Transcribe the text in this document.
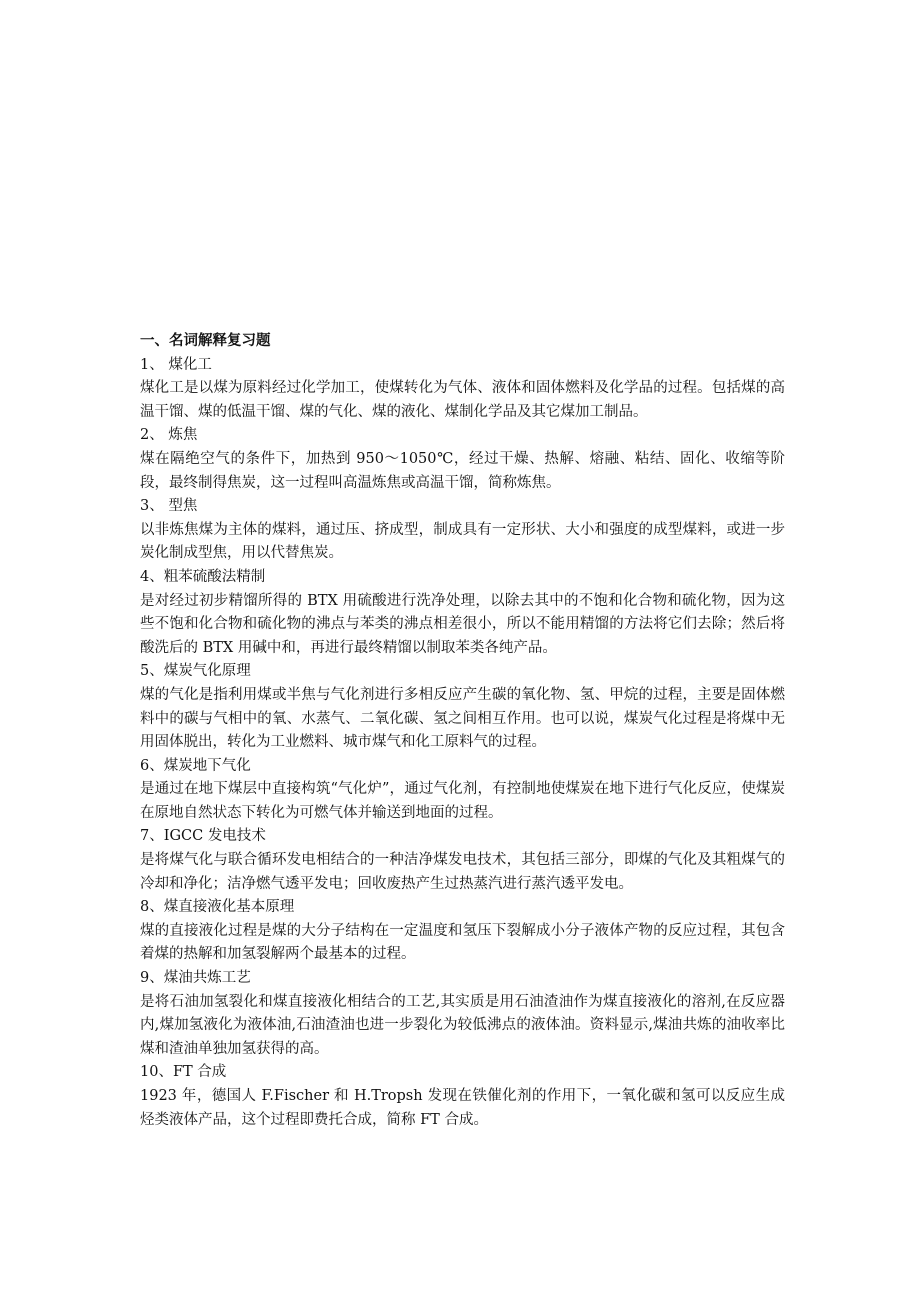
一、名词解释复习题

1、 煤化工

煤化工是以煤为原料经过化学加工，使煤转化为气体、液体和固体燃料及化学品的过程。包括煤的高温干馏、煤的低温干馏、煤的气化、煤的液化、煤制化学品及其它煤加工制品。

2、 炼焦

煤在隔绝空气的条件下，加热到 950～1050℃，经过干燥、热解、熔融、粘结、固化、收缩等阶段，最终制得焦炭，这一过程叫高温炼焦或高温干馏，简称炼焦。

3、 型焦

以非炼焦煤为主体的煤料，通过压、挤成型，制成具有一定形状、大小和强度的成型煤料，或进一步炭化制成型焦，用以代替焦炭。

4、粗苯硫酸法精制

是对经过初步精馏所得的 BTX 用硫酸进行洗净处理，以除去其中的不饱和化合物和硫化物，因为这些不饱和化合物和硫化物的沸点与苯类的沸点相差很小，所以不能用精馏的方法将它们去除；然后将酸洗后的 BTX 用碱中和，再进行最终精馏以制取苯类各纯产品。

5、煤炭气化原理

煤的气化是指利用煤或半焦与气化剂进行多相反应产生碳的氧化物、氢、甲烷的过程，主要是固体燃料中的碳与气相中的氧、水蒸气、二氧化碳、氢之间相互作用。也可以说，煤炭气化过程是将煤中无用固体脱出，转化为工业燃料、城市煤气和化工原料气的过程。

6、煤炭地下气化

是通过在地下煤层中直接构筑“气化炉”，通过气化剂，有控制地使煤炭在地下进行气化反应，使煤炭在原地自然状态下转化为可燃气体并输送到地面的过程。

7、IGCC 发电技术

是将煤气化与联合循环发电相结合的一种洁净煤发电技术，其包括三部分，即煤的气化及其粗煤气的冷却和净化；洁净燃气透平发电；回收废热产生过热蒸汽进行蒸汽透平发电。

8、煤直接液化基本原理

煤的直接液化过程是煤的大分子结构在一定温度和氢压下裂解成小分子液体产物的反应过程，其包含着煤的热解和加氢裂解两个最基本的过程。

9、煤油共炼工艺

是将石油加氢裂化和煤直接液化相结合的工艺,其实质是用石油渣油作为煤直接液化的溶剂,在反应器内,煤加氢液化为液体油,石油渣油也进一步裂化为较低沸点的液体油。资料显示,煤油共炼的油收率比煤和渣油单独加氢获得的高。

10、FT 合成

1923 年，德国人 F.Fischer 和 H.Tropsh 发现在铁催化剂的作用下，一氧化碳和氢可以反应生成烃类液体产品，这个过程即费托合成，简称 FT 合成。
